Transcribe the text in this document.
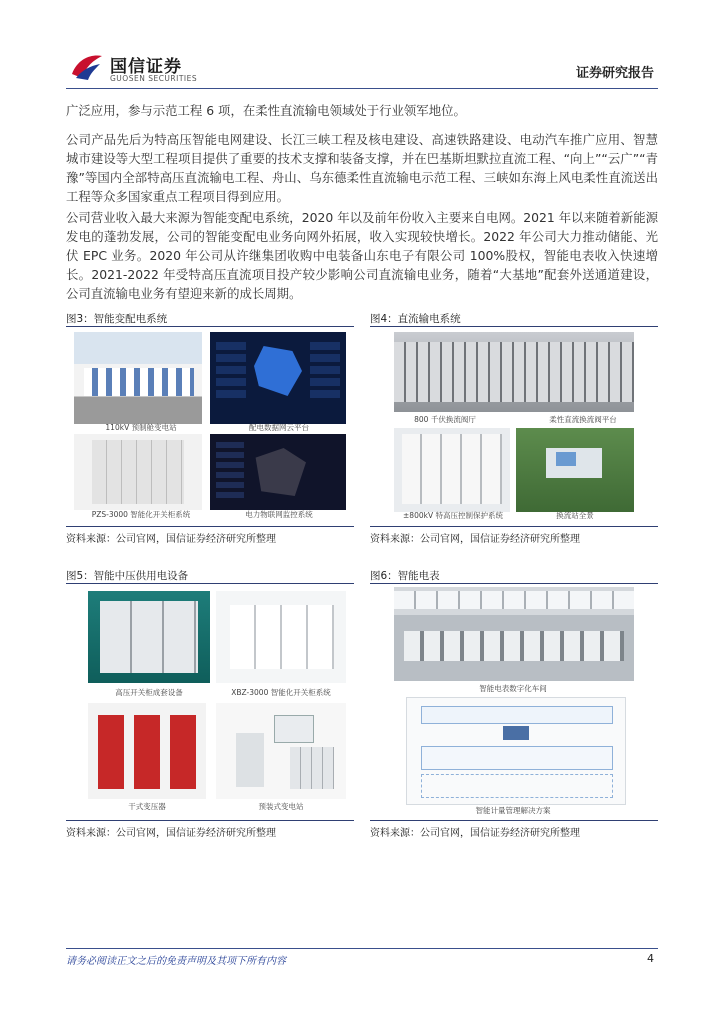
国信证券
GUOSEN SECURITIES	证券研究报告
广泛应用，参与示范工程 6 项，在柔性直流输电领域处于行业领军地位。
公司产品先后为特高压智能电网建设、长江三峡工程及核电建设、高速铁路建设、电动汽车推广应用、智慧城市建设等大型工程项目提供了重要的技术支撑和装备支撑，并在巴基斯坦默拉直流工程、“向上”“云广”“青豫”等国内全部特高压直流输电工程、舟山、乌东德柔性直流输电示范工程、三峡如东海上风电柔性直流送出工程等众多国家重点工程项目得到应用。
公司营业收入最大来源为智能变配电系统，2020 年以及前年份收入主要来自电网。2021 年以来随着新能源发电的蓬勃发展，公司的智能变配电业务向网外拓展，收入实现较快增长。2022 年公司大力推动储能、光伏 EPC 业务。2020 年公司从许继集团收购中电装备山东电子有限公司 100%股权，智能电表收入快速增长。2021-2022 年受特高压直流项目投产较少影响公司直流输电业务，随着“大基地”配套外送通道建设，公司直流输电业务有望迎来新的成长周期。
图3：智能变配电系统
110kV 预制舱变电站	配电数据网云平台
PZS-3000 智能化开关柜系统	电力物联网监控系统
资料来源：公司官网，国信证券经济研究所整理
图4：直流输电系统
800 千伏换流阀厅	柔性直流换流阀平台
±800kV 特高压控制保护系统	换流站全景
资料来源：公司官网，国信证券经济研究所整理
图5：智能中压供用电设备
高压开关柜成套设备	XBZ-3000 智能化开关柜系统
干式变压器	预装式变电站
资料来源：公司官网，国信证券经济研究所整理
图6：智能电表
智能电表数字化车间
智能计量管理解决方案
资料来源：公司官网，国信证券经济研究所整理
请务必阅读正文之后的免责声明及其项下所有内容	4
